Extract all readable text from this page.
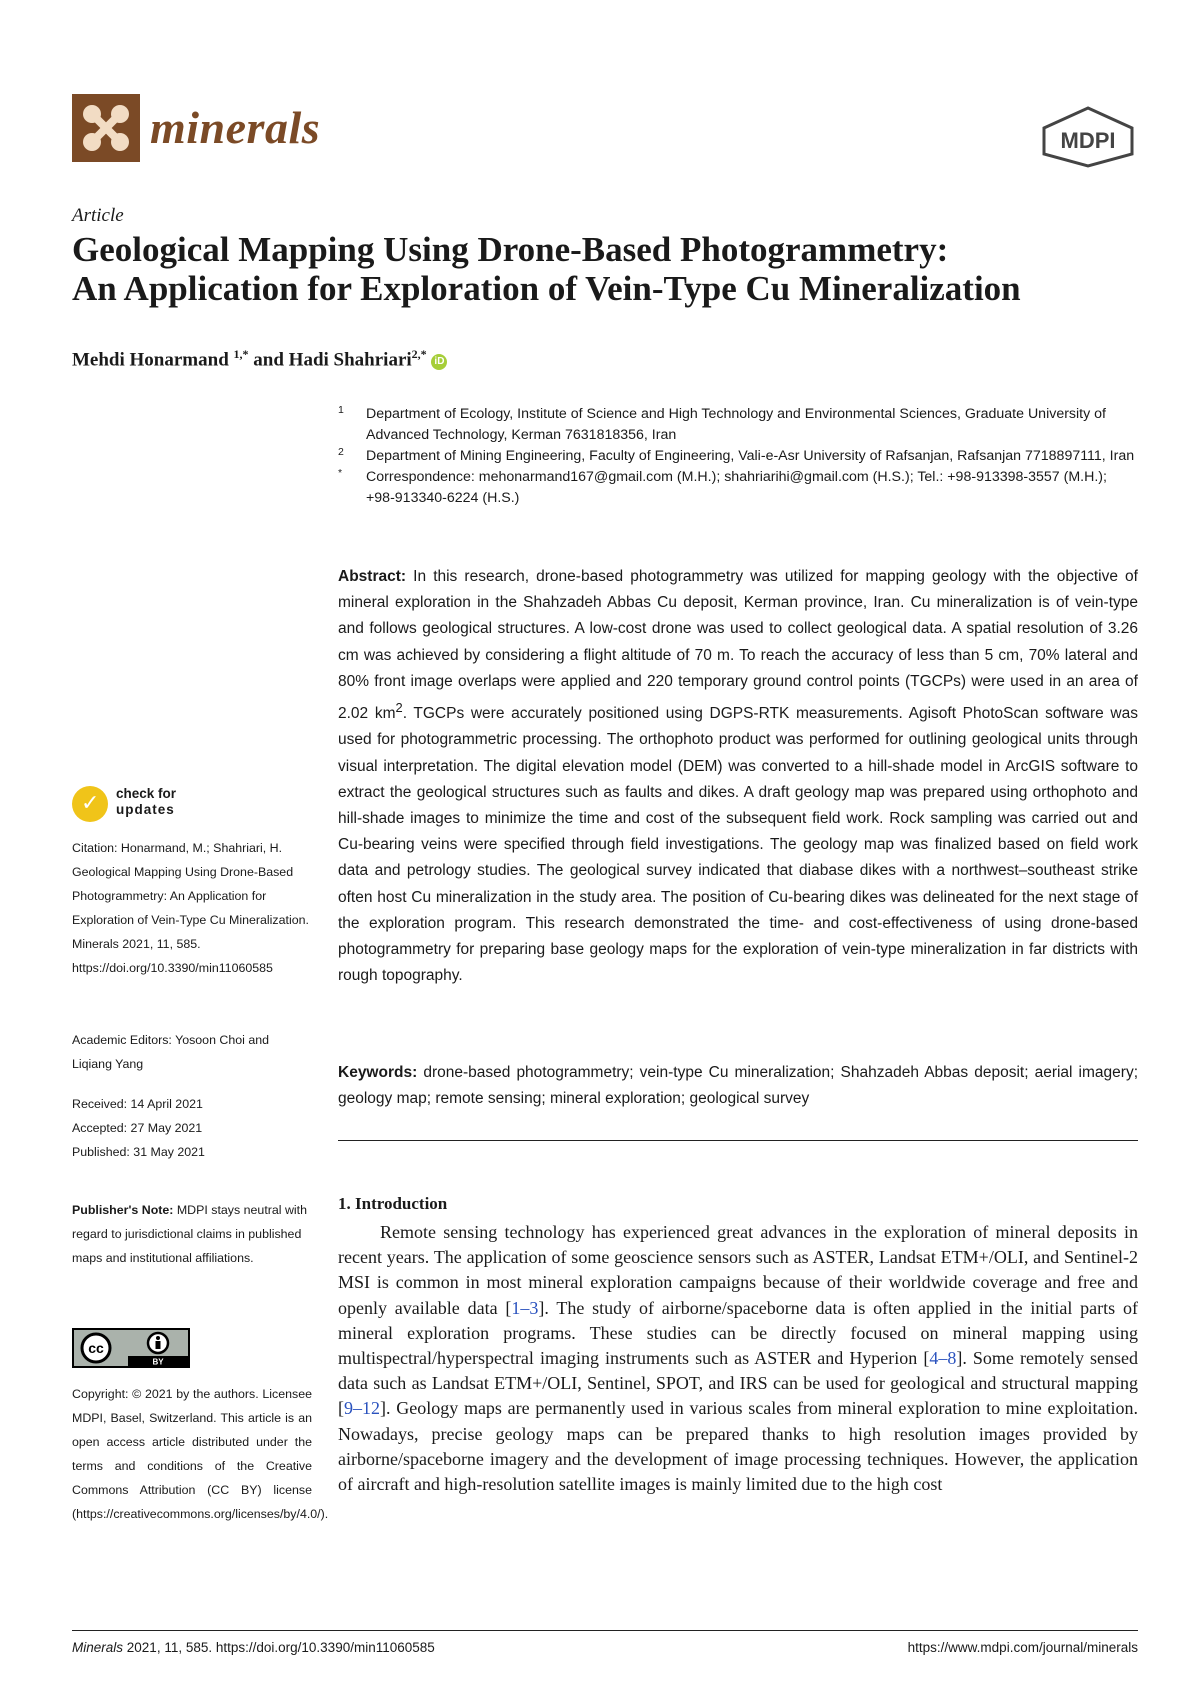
minerals	MDPI
Article
Geological Mapping Using Drone-Based Photogrammetry:
An Application for Exploration of Vein-Type Cu Mineralization
Mehdi Honarmand $^{1,*}$ and Hadi Shahriari$^{2,*}$ iD
1 Department of Ecology, Institute of Science and High Technology and Environmental Sciences, Graduate University of Advanced Technology, Kerman 7631818356, Iran
2 Department of Mining Engineering, Faculty of Engineering, Vali-e-Asr University of Rafsanjan, Rafsanjan 7718897111, Iran
* Correspondence: mehonarmand167@gmail.com (M.H.); shahriarihi@gmail.com (H.S.); Tel.: +98-913398-3557 (M.H.); +98-913340-6224 (H.S.)
Abstract: In this research, drone-based photogrammetry was utilized for mapping geology with the objective of mineral exploration in the Shahzadeh Abbas Cu deposit, Kerman province, Iran. Cu mineralization is of vein-type and follows geological structures. A low-cost drone was used to collect geological data. A spatial resolution of 3.26 cm was achieved by considering a flight altitude of 70 m. To reach the accuracy of less than 5 cm, 70% lateral and 80% front image overlaps were applied and 220 temporary ground control points (TGCPs) were used in an area of 2.02 $km^2$. TGCPs were accurately positioned using DGPS-RTK measurements. Agisoft PhotoScan software was used for photogrammetric processing. The orthophoto product was performed for outlining geological units through visual interpretation. The digital elevation model (DEM) was converted to a hill-shade model in ArcGIS software to extract the geological structures such as faults and dikes. A draft geology map was prepared using orthophoto and hill-shade images to minimize the time and cost of the subsequent field work. Rock sampling was carried out and Cu-bearing veins were specified through field investigations. The geology map was finalized based on field work data and petrology studies. The geological survey indicated that diabase dikes with a northwest–southeast strike often host Cu mineralization in the study area. The position of Cu-bearing dikes was delineated for the next stage of the exploration program. This research demonstrated the time- and cost-effectiveness of using drone-based photogrammetry for preparing base geology maps for the exploration of vein-type mineralization in far districts with rough topography.
Keywords: drone-based photogrammetry; vein-type Cu mineralization; Shahzadeh Abbas deposit; aerial imagery; geology map; remote sensing; mineral exploration; geological survey
1. Introduction
Remote sensing technology has experienced great advances in the exploration of mineral deposits in recent years. The application of some geoscience sensors such as ASTER, Landsat ETM+/OLI, and Sentinel-2 MSI is common in most mineral exploration campaigns because of their worldwide coverage and free and openly available data [1–3]. The study of airborne/spaceborne data is often applied in the initial parts of mineral exploration programs. These studies can be directly focused on mineral mapping using multispectral/hyperspectral imaging instruments such as ASTER and Hyperion [4–8]. Some remotely sensed data such as Landsat ETM+/OLI, Sentinel, SPOT, and IRS can be used for geological and structural mapping [9–12]. Geology maps are permanently used in various scales from mineral exploration to mine exploitation. Nowadays, precise geology maps can be prepared thanks to high resolution images provided by airborne/spaceborne imagery and the development of image processing techniques. However, the application of aircraft and high-resolution satellite images is mainly limited due to the high cost
✓ check for
updates
Citation: Honarmand, M.; Shahriari, H. Geological Mapping Using Drone-Based Photogrammetry: An Application for Exploration of Vein-Type Cu Mineralization. Minerals 2021, 11, 585. https://doi.org/10.3390/min11060585
Academic Editors: Yosoon Choi and Liqiang Yang
Received: 14 April 2021
Accepted: 27 May 2021
Published: 31 May 2021
Publisher's Note: MDPI stays neutral with regard to jurisdictional claims in published maps and institutional affiliations.
cc
BY
Copyright: © 2021 by the authors. Licensee MDPI, Basel, Switzerland. This article is an open access article distributed under the terms and conditions of the Creative Commons Attribution (CC BY) license (https://creativecommons.org/licenses/by/4.0/).
Minerals 2021, 11, 585. https://doi.org/10.3390/min11060585	https://www.mdpi.com/journal/minerals
